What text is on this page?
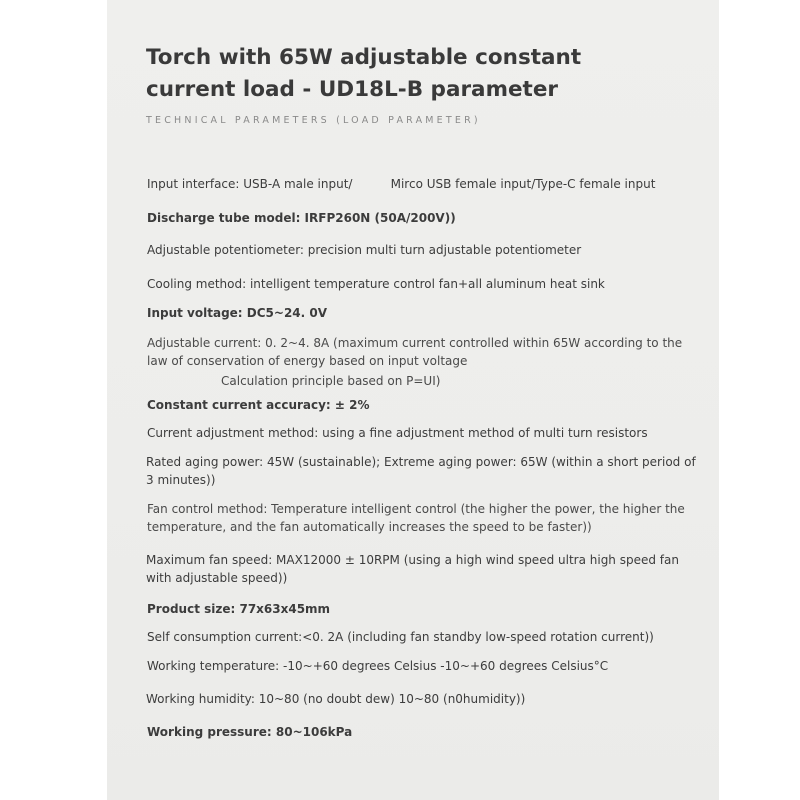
Torch with 65W adjustable constant current load - UD18L-B parameter
TECHNICAL PARAMETERS (LOAD PARAMETER)

Input interface: USB-A male input/          Mirco USB female input/Type-C female input

Discharge tube model: IRFP260N (50A/200V))

Adjustable potentiometer: precision multi turn adjustable potentiometer

Cooling method: intelligent temperature control fan+all aluminum heat sink

Input voltage: DC5~24. 0V

Adjustable current: 0. 2~4. 8A (maximum current controlled within 65W according to the

law of conservation of energy based on input voltage

Calculation principle based on P=UI)

Constant current accuracy: ± 2%

Current adjustment method: using a fine adjustment method of multi turn resistors

Rated aging power: 45W (sustainable); Extreme aging power: 65W (within a short period of 3 minutes))

Fan control method: Temperature intelligent control (the higher the power, the higher the temperature, and the fan automatically increases the speed to be faster))

Maximum fan speed: MAX12000 ± 10RPM (using a high wind speed ultra high speed fan with adjustable speed))

Product size: 77x63x45mm

Self consumption current:<0. 2A (including fan standby low-speed rotation current))

Working temperature: -10~+60 degrees Celsius -10~+60 degrees Celsius°C

Working humidity: 10~80 (no doubt dew) 10~80 (n0humidity))

Working pressure: 80~106kPa
